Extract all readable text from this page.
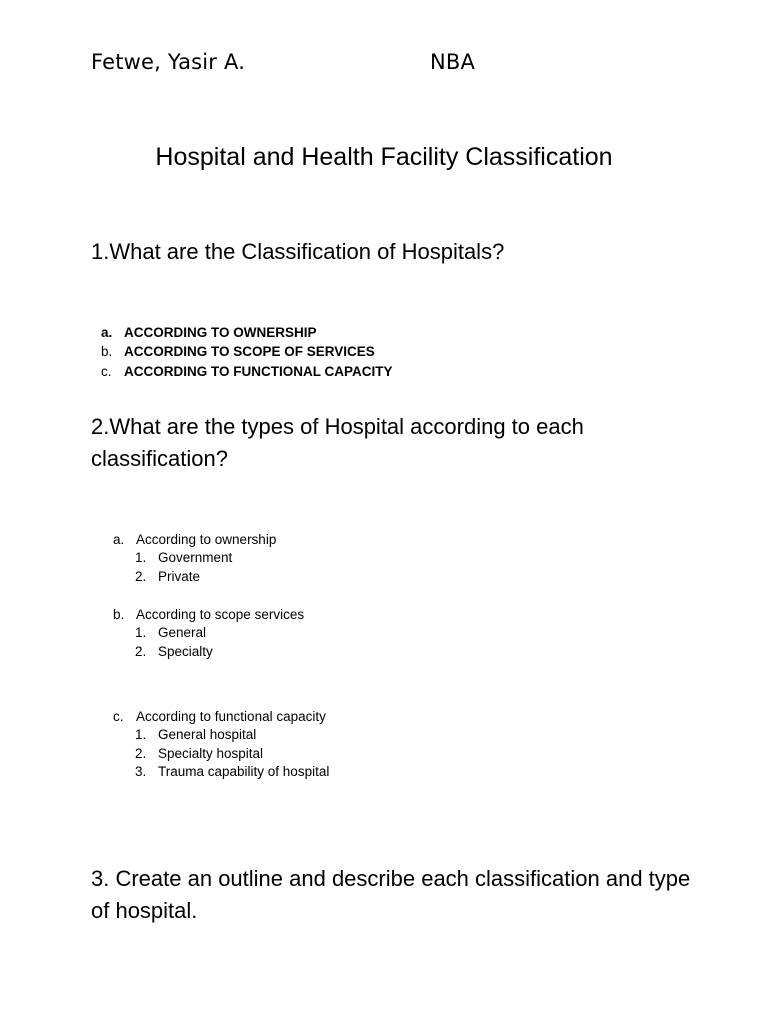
Fetwe, Yasir A.	NBA
Hospital and Health Facility Classification
1.What are the Classification of Hospitals?
a. ACCORDING TO OWNERSHIP
b. ACCORDING TO SCOPE OF SERVICES
c. ACCORDING TO FUNCTIONAL CAPACITY
2.What are the types of Hospital according to each classification?
a. According to ownership
1. Government
2. Private
b. According to scope services
1. General
2. Specialty
c. According to functional capacity
1. General hospital
2. Specialty hospital
3. Trauma capability of hospital
3. Create an outline and describe each classification and type of hospital.
